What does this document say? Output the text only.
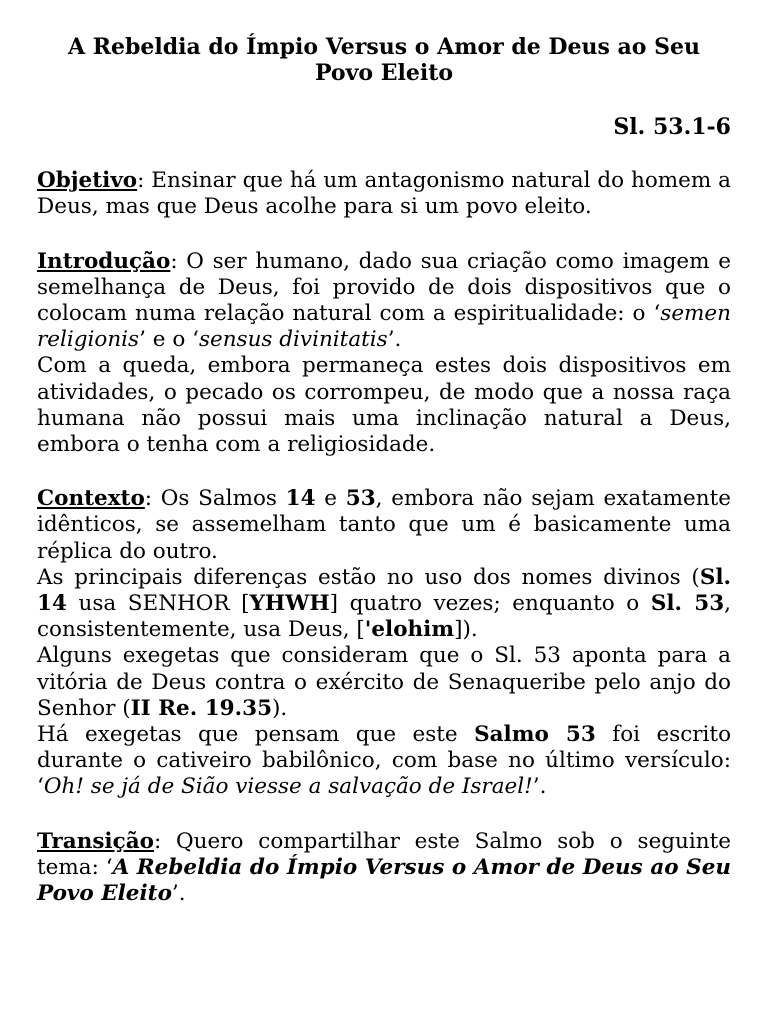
A Rebeldia do Ímpio Versus o Amor de Deus ao Seu Povo Eleito
Sl. 53.1-6

Objetivo: Ensinar que há um antagonismo natural do homem a Deus, mas que Deus acolhe para si um povo eleito.

Introdução: O ser humano, dado sua criação como imagem e semelhança de Deus, foi provido de dois dispositivos que o colocam numa relação natural com a espiritualidade: o ‘semen religionis’ e o ‘sensus divinitatis’.

Com a queda, embora permaneça estes dois dispositivos em atividades, o pecado os corrompeu, de modo que a nossa raça humana não possui mais uma inclinação natural a Deus, embora o tenha com a religiosidade.

Contexto: Os Salmos 14 e 53, embora não sejam exatamente idênticos, se assemelham tanto que um é basicamente uma réplica do outro.

As principais diferenças estão no uso dos nomes divinos (Sl. 14 usa SENHOR [YHWH] quatro vezes; enquanto o Sl. 53, consistentemente, usa Deus, ['elohim]).

Alguns exegetas que consideram que o Sl. 53 aponta para a vitória de Deus contra o exército de Senaqueribe pelo anjo do Senhor (II Re. 19.35).

Há exegetas que pensam que este Salmo 53 foi escrito durante o cativeiro babilônico, com base no último versículo: ‘Oh! se já de Sião viesse a salvação de Israel!’.

Transição: Quero compartilhar este Salmo sob o seguinte tema: ‘A Rebeldia do Ímpio Versus o Amor de Deus ao Seu Povo Eleito’.
